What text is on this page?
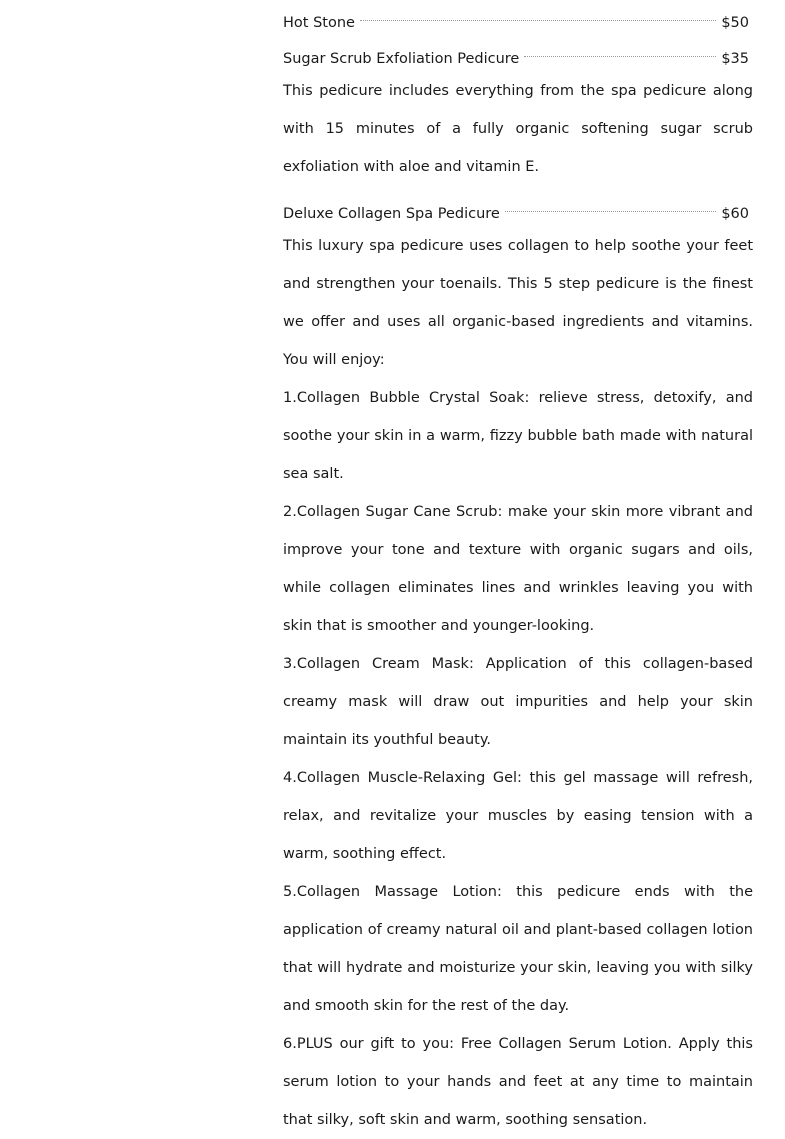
Hot Stone	$50
Sugar Scrub Exfoliation Pedicure	$35

This pedicure includes everything from the spa pedicure along with 15 minutes of a fully organic softening sugar scrub exfoliation with aloe and vitamin E.

Deluxe Collagen Spa Pedicure	$60

This luxury spa pedicure uses collagen to help soothe your feet and strengthen your toenails. This 5 step pedicure is the finest we offer and uses all organic-based ingredients and vitamins. You will enjoy:

1.Collagen Bubble Crystal Soak: relieve stress, detoxify, and soothe your skin in a warm, fizzy bubble bath made with natural sea salt.

2.Collagen Sugar Cane Scrub: make your skin more vibrant and improve your tone and texture with organic sugars and oils, while collagen eliminates lines and wrinkles leaving you with skin that is smoother and younger-looking.

3.Collagen Cream Mask: Application of this collagen-based creamy mask will draw out impurities and help your skin maintain its youthful beauty.

4.Collagen Muscle-Relaxing Gel: this gel massage will refresh, relax, and revitalize your muscles by easing tension with a warm, soothing effect.

5.Collagen Massage Lotion: this pedicure ends with the application of creamy natural oil and plant-based collagen lotion that will hydrate and moisturize your skin, leaving you with silky and smooth skin for the rest of the day.

6.PLUS our gift to you: Free Collagen Serum Lotion. Apply this serum lotion to your hands and feet at any time to maintain that silky, soft skin and warm, soothing sensation.
